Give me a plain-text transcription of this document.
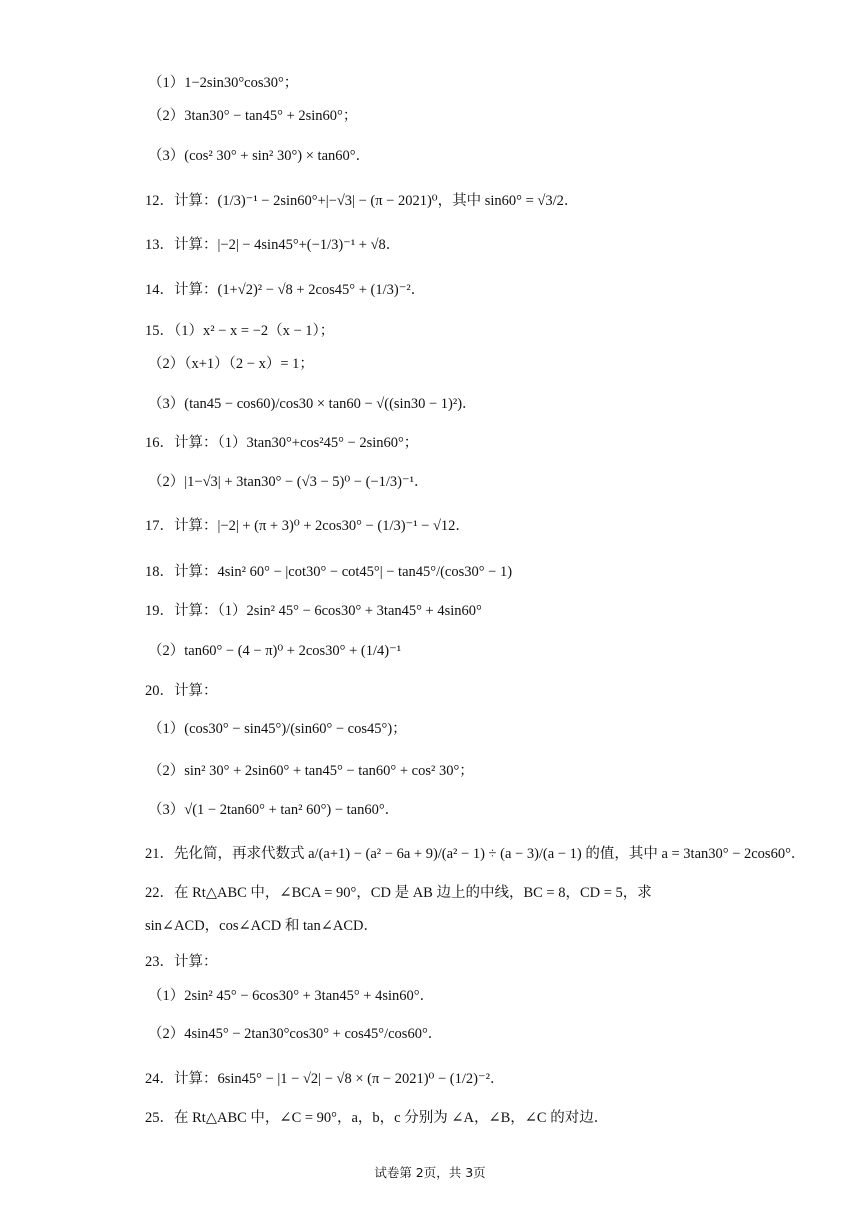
（1）1−2sin30°cos30°；
（2）3tan30° − tan45° + 2sin60°；
（3）(cos² 30° + sin² 30°) × tan60°．
12．计算：(1/3)⁻¹ − 2sin60°+|−√3| − (π − 2021)⁰，其中 sin60° = √3/2．
13．计算：|−2| − 4sin45°+(−1/3)⁻¹ + √8．
14．计算：(1+√2)² − √8 + 2cos45° + (1/3)⁻²．
15．（1）x² − x = −2（x − 1）；
（2）（x+1）（2 − x）= 1；
（3）(tan45 − cos60)/cos30 × tan60 − √((sin30 − 1)²)．
16．计算：（1）3tan30°+cos²45° − 2sin60°；
（2）|1−√3| + 3tan30° − (√3 − 5)⁰ − (−1/3)⁻¹．
17．计算：|−2| + (π + 3)⁰ + 2cos30° − (1/3)⁻¹ − √12．
18．计算：4sin² 60° − |cot30° − cot45°| − tan45°/(cos30° − 1)
19．计算：（1）2sin² 45° − 6cos30° + 3tan45° + 4sin60°
（2）tan60° − (4 − π)⁰ + 2cos30° + (1/4)⁻¹
20．计算：
（1）(cos30° − sin45°)/(sin60° − cos45°)；
（2）sin² 30° + 2sin60° + tan45° − tan60° + cos² 30°；
（3）√(1 − 2tan60° + tan² 60°) − tan60°．
21．先化简，再求代数式 a/(a+1) − (a² − 6a + 9)/(a² − 1) ÷ (a − 3)/(a − 1) 的值，其中 a = 3tan30° − 2cos60°．
22．在 Rt△ABC 中，∠BCA = 90°，CD 是 AB 边上的中线，BC = 8，CD = 5，求
sin∠ACD，cos∠ACD 和 tan∠ACD．
23．计算：
（1）2sin² 45° − 6cos30° + 3tan45° + 4sin60°．
（2）4sin45° − 2tan30°cos30° + cos45°/cos60°．
24．计算：6sin45° − |1 − √2| − √8 × (π − 2021)⁰ − (1/2)⁻²．
25．在 Rt△ABC 中，∠C = 90°，a，b，c 分别为 ∠A，∠B，∠C 的对边．
试卷第 2页，共 3页
